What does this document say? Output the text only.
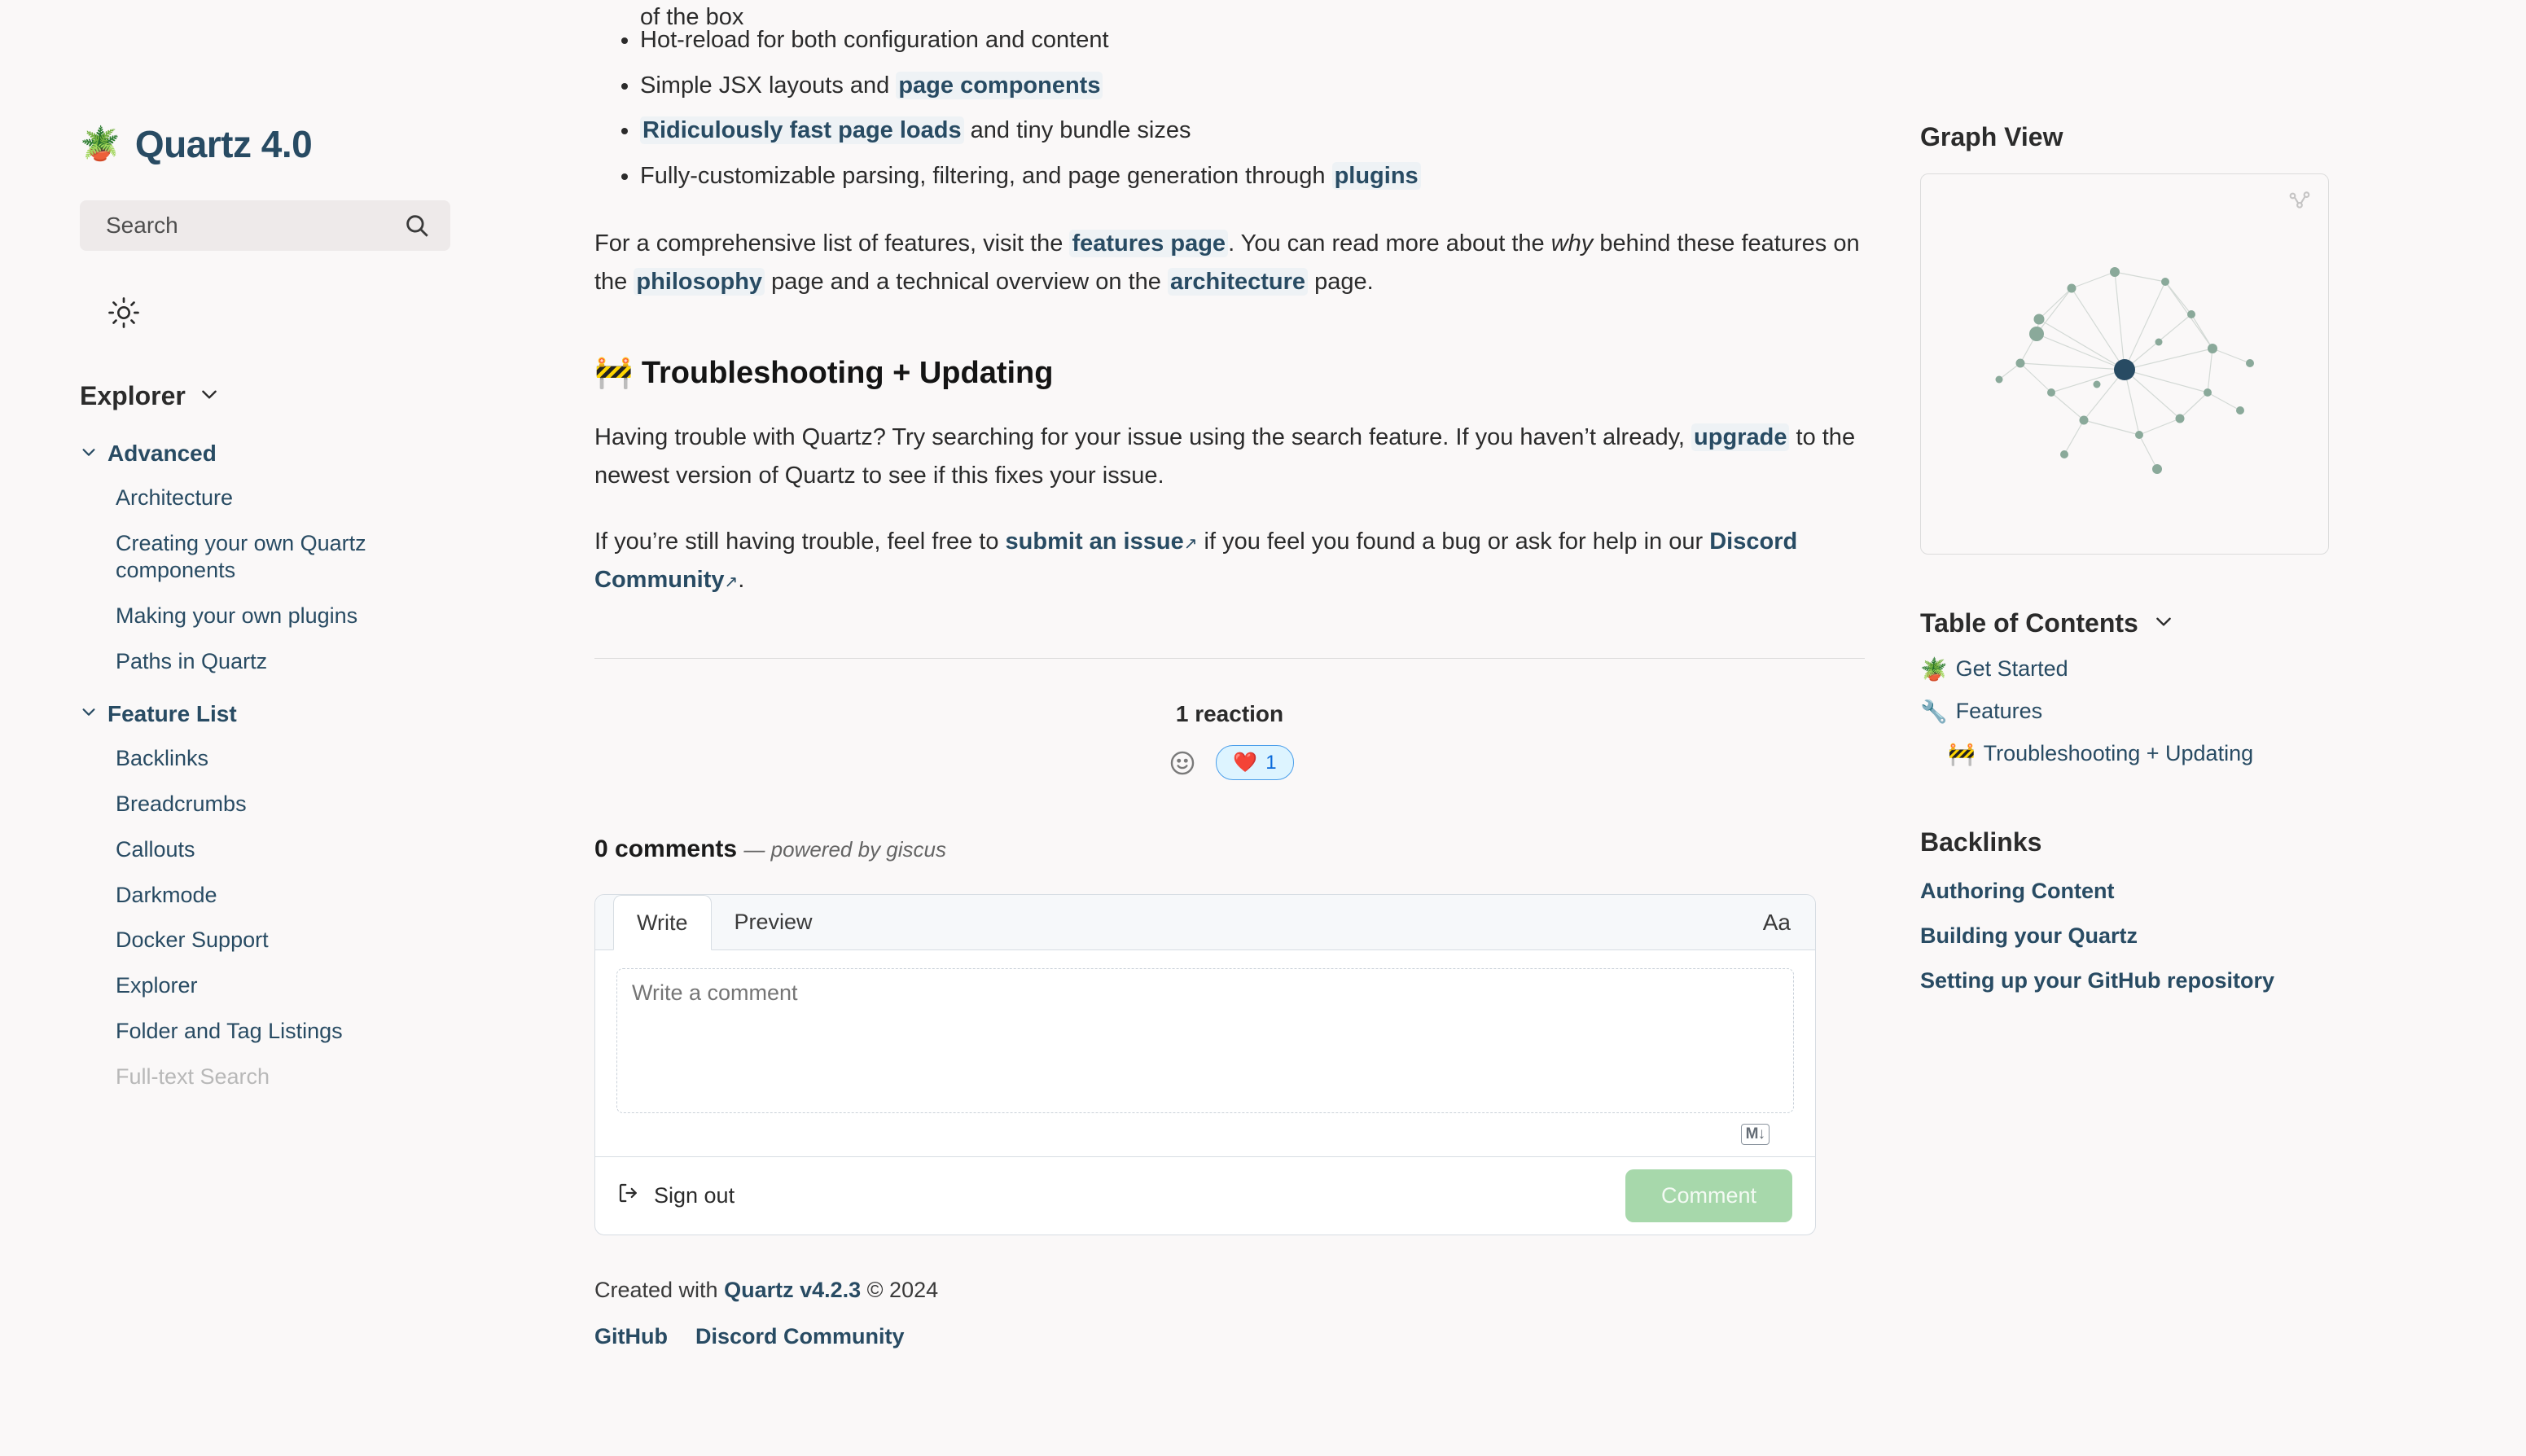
🪴 Quartz 4.0
Search
Explorer
Advanced
Architecture
Creating your own Quartz components
Making your own plugins
Paths in Quartz
Feature List
Backlinks
Breadcrumbs
Callouts
Darkmode
Docker Support
Explorer
Folder and Tag Listings
Full-text Search
of the box
• Hot-reload for both configuration and content
• Simple JSX layouts and page components
• Ridiculously fast page loads and tiny bundle sizes
• Fully-customizable parsing, filtering, and page generation through plugins

For a comprehensive list of features, visit the features page . You can read more about the why behind these features on the philosophy page and a technical overview on the architecture page.

🚧 Troubleshooting + Updating

Having trouble with Quartz? Try searching for your issue using the search feature. If you haven’t already, upgrade to the newest version of Quartz to see if this fixes your issue.

If you’re still having trouble, feel free to submit an issue↗ if you feel you found a bug or ask for help in our Discord Community↗.

1 reaction
❤️ 1
0 comments — powered by giscus
Write	Preview	Aa
Write a comment
M↓
Sign out	Comment
Created with Quartz v4.2.3 © 2024
GitHub Discord Community
Graph View
Table of Contents
🪴 Get Started
🔧 Features
🚧 Troubleshooting + Updating
Backlinks
Authoring Content
Building your Quartz
Setting up your GitHub repository
